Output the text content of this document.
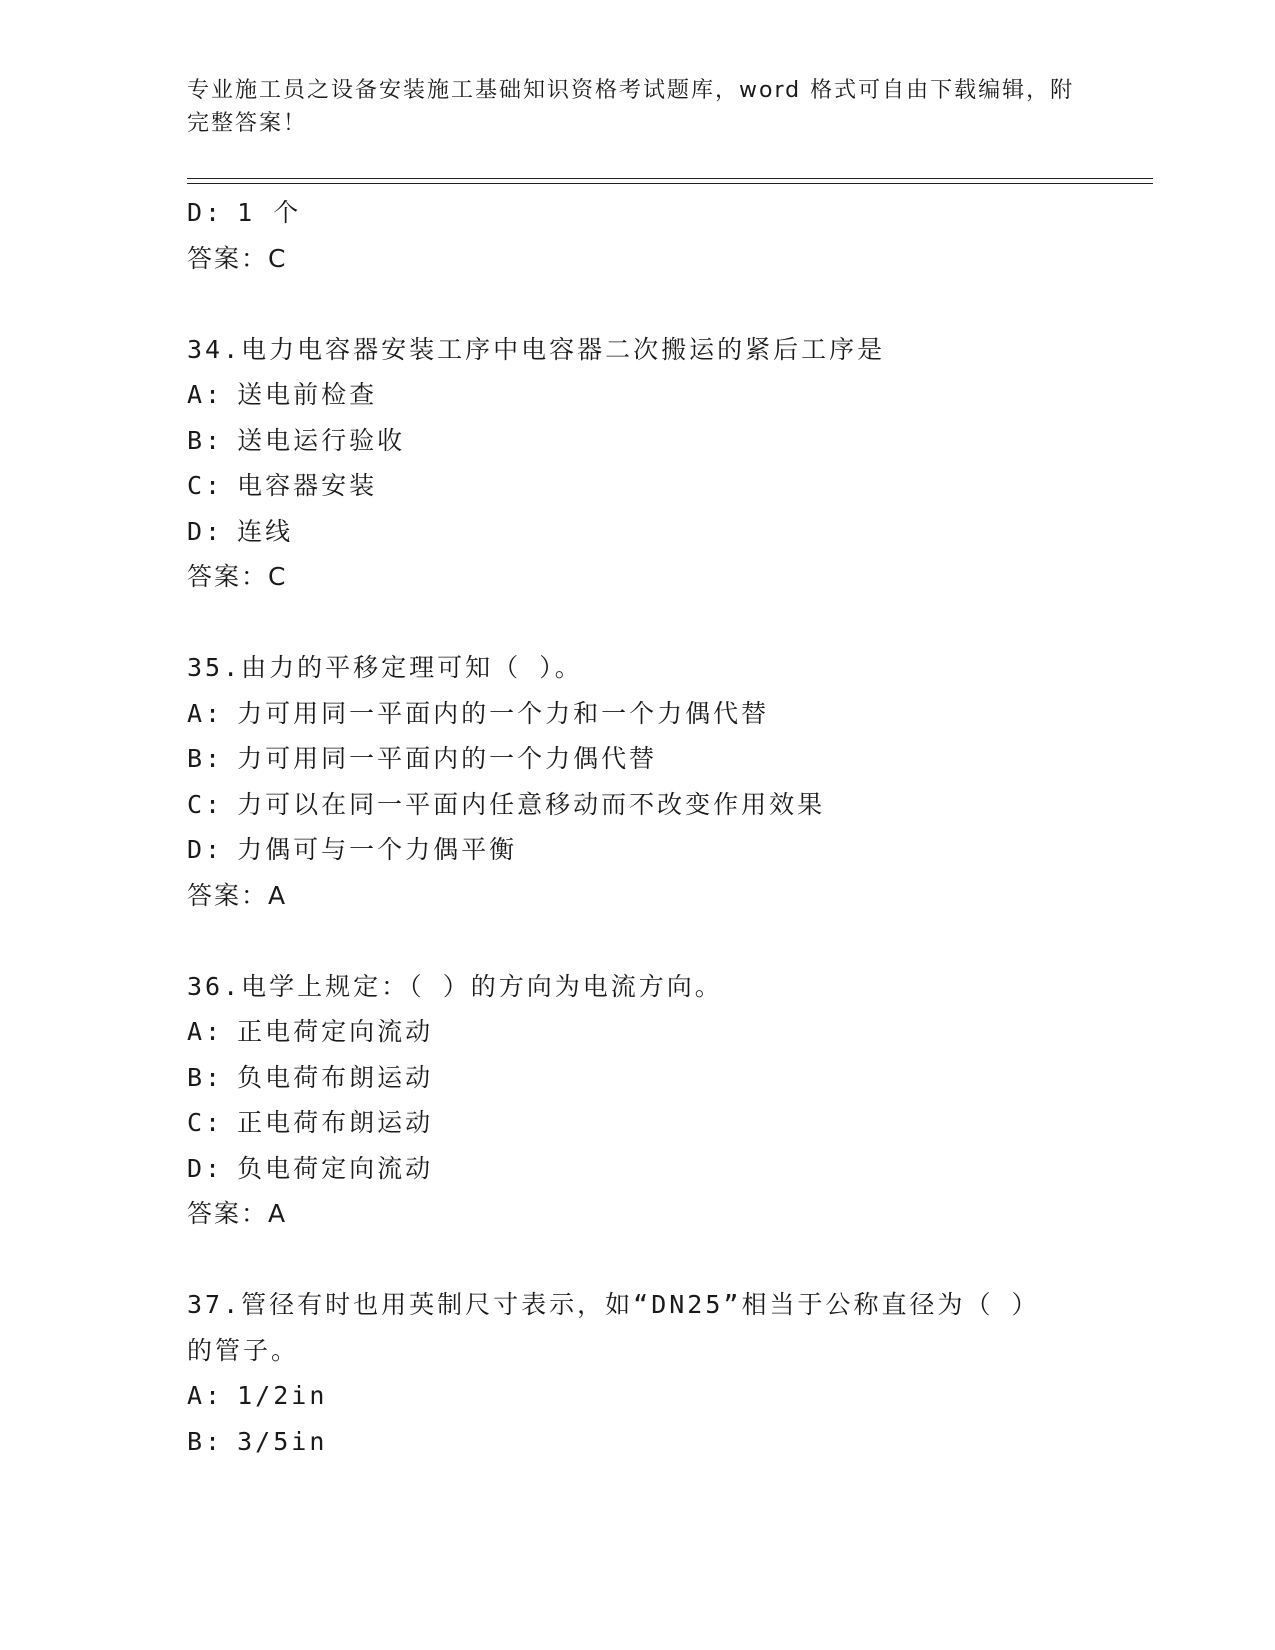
专业施工员之设备安装施工基础知识资格考试题库，word 格式可自由下载编辑，附完整答案！
D: 1 个
答案：C
34.电力电容器安装工序中电容器二次搬运的紧后工序是
A: 送电前检查
B: 送电运行验收
C: 电容器安装
D: 连线
答案：C
35.由力的平移定理可知（ ）。
A: 力可用同一平面内的一个力和一个力偶代替
B: 力可用同一平面内的一个力偶代替
C: 力可以在同一平面内任意移动而不改变作用效果
D: 力偶可与一个力偶平衡
答案：A
36.电学上规定：（ ）的方向为电流方向。
A: 正电荷定向流动
B: 负电荷布朗运动
C: 正电荷布朗运动
D: 负电荷定向流动
答案：A
37.管径有时也用英制尺寸表示，如“DN25”相当于公称直径为（ ）的管子。
A: 1/2in
B: 3/5in
